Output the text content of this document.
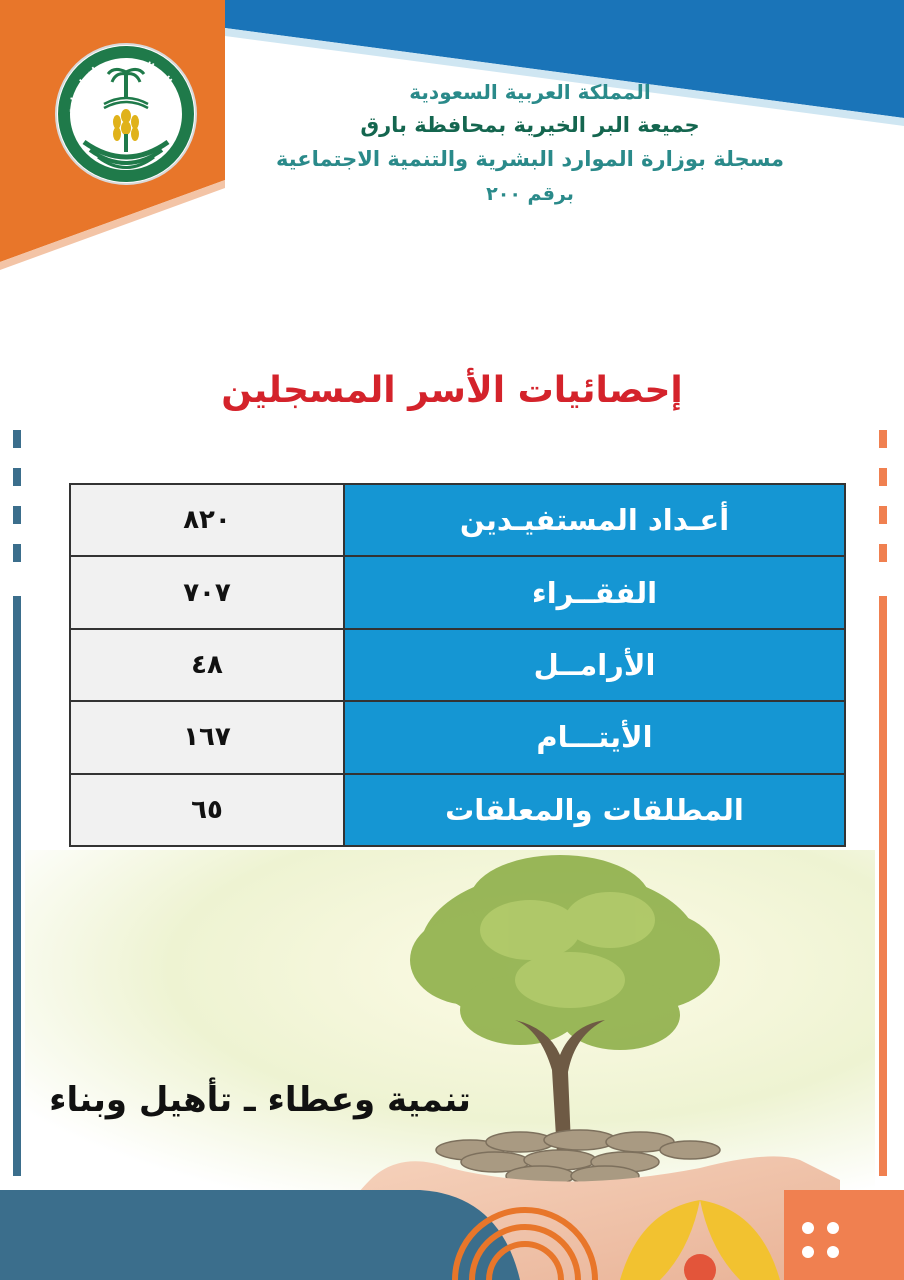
جمعية البر الخيرية بمحافظة بارق
المملكة العربية السعودية
جميعة البر الخيرية بمحافظة بارق
مسجلة بوزارة الموارد البشرية والتنمية الاجتماعية
برقم ٢٠٠
إحصائيات الأسر المسجلين
٨٢٠	أعـداد المستفيـدين
٧٠٧	الفقــراء
٤٨	الأرامــل
١٦٧	الأيتـــام
٦٥	المطلقات والمعلقات
تنمية وعطاء ـ تأهيل وبناء
